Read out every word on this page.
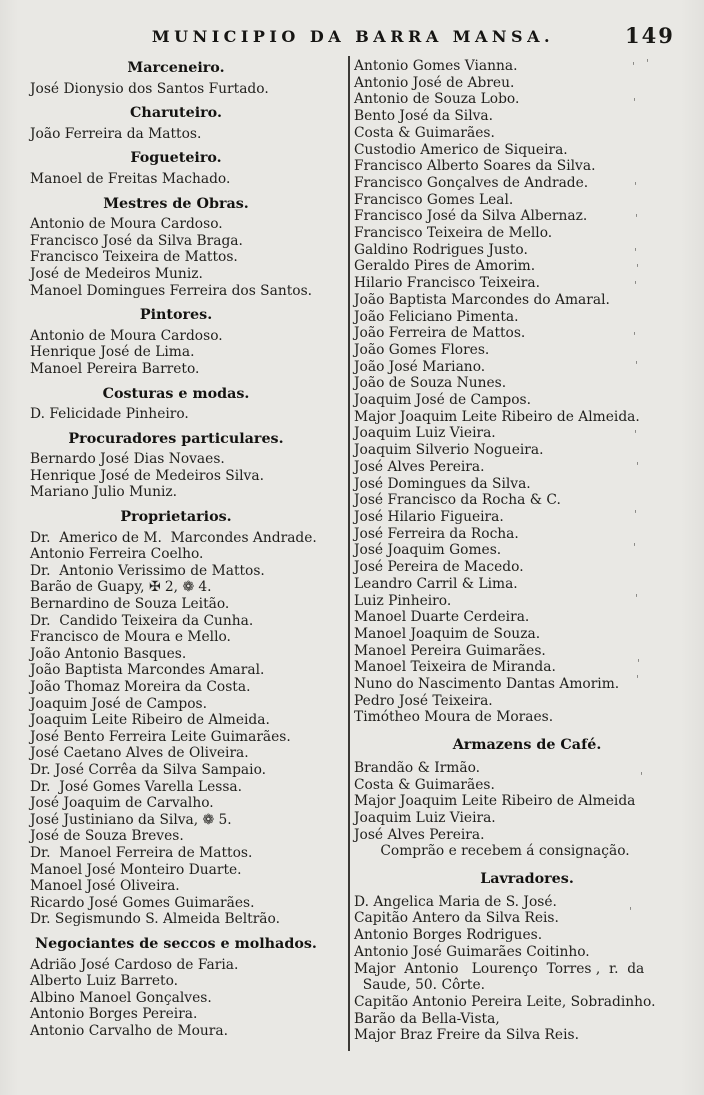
MUNICIPIO DA BARRA MANSA.	149
Marceneiro.
José Dionysio dos Santos Furtado.
Charuteiro.
João Ferreira da Mattos.
Fogueteiro.
Manoel de Freitas Machado.
Mestres de Obras.
Antonio de Moura Cardoso.
Francisco José da Silva Braga.
Francisco Teixeira de Mattos.
José de Medeiros Muniz.
Manoel Domingues Ferreira dos Santos.
Pintores.
Antonio de Moura Cardoso.
Henrique José de Lima.
Manoel Pereira Barreto.
Costuras e modas.
D. Felicidade Pinheiro.
Procuradores particulares.
Bernardo José Dias Novaes.
Henrique José de Medeiros Silva.
Mariano Julio Muniz.
Proprietarios.
Dr.  Americo de M.  Marcondes Andrade.
Antonio Ferreira Coelho.
Dr.  Antonio Verissimo de Mattos.
Barão de Guapy, ✠ 2, ❁ 4.
Bernardino de Souza Leitão.
Dr.  Candido Teixeira da Cunha.
Francisco de Moura e Mello.
João Antonio Basques.
João Baptista Marcondes Amaral.
João Thomaz Moreira da Costa.
Joaquim José de Campos.
Joaquim Leite Ribeiro de Almeida.
José Bento Ferreira Leite Guimarães.
José Caetano Alves de Oliveira.
Dr. José Corrêa da Silva Sampaio.
Dr.  José Gomes Varella Lessa.
José Joaquim de Carvalho.
José Justiniano da Silva, ❁ 5.
José de Souza Breves.
Dr.  Manoel Ferreira de Mattos.
Manoel José Monteiro Duarte.
Manoel José Oliveira.
Ricardo José Gomes Guimarães.
Dr. Segismundo S. Almeida Beltrão.
Negociantes de seccos e molhados.
Adrião José Cardoso de Faria.
Alberto Luiz Barreto.
Albino Manoel Gonçalves.
Antonio Borges Pereira.
Antonio Carvalho de Moura.
Antonio Gomes Vianna.
Antonio José de Abreu.
Antonio de Souza Lobo.
Bento José da Silva.
Costa & Guimarães.
Custodio Americo de Siqueira.
Francisco Alberto Soares da Silva.
Francisco Gonçalves de Andrade.
Francisco Gomes Leal.
Francisco José da Silva Albernaz.
Francisco Teixeira de Mello.
Galdino Rodrigues Justo.
Geraldo Pires de Amorim.
Hilario Francisco Teixeira.
João Baptista Marcondes do Amaral.
João Feliciano Pimenta.
João Ferreira de Mattos.
João Gomes Flores.
João José Mariano.
João de Souza Nunes.
Joaquim José de Campos.
Major Joaquim Leite Ribeiro de Almeida.
Joaquim Luiz Vieira.
Joaquim Silverio Nogueira.
José Alves Pereira.
José Domingues da Silva.
José Francisco da Rocha & C.
José Hilario Figueira.
José Ferreira da Rocha.
José Joaquim Gomes.
José Pereira de Macedo.
Leandro Carril & Lima.
Luiz Pinheiro.
Manoel Duarte Cerdeira.
Manoel Joaquim de Souza.
Manoel Pereira Guimarães.
Manoel Teixeira de Miranda.
Nuno do Nascimento Dantas Amorim.
Pedro José Teixeira.
Timótheo Moura de Moraes.
Armazens de Café.
Brandão & Irmão.
Costa & Guimarães.
Major Joaquim Leite Ribeiro de Almeida
Joaquim Luiz Vieira.
José Alves Pereira.
Comprão e recebem á consignação.
Lavradores.
D. Angelica Maria de S. José.
Capitão Antero da Silva Reis.
Antonio Borges Rodrigues.
Antonio José Guimarães Coitinho.
Major  Antonio   Lourenço  Torres ,  r.  da
Saude, 50. Côrte.
Capitão Antonio Pereira Leite, Sobradinho.
Barão da Bella-Vista,
Major Braz Freire da Silva Reis.
'
'
'
'
'
'
'
'
'
'
'
'
'
'
'
'
'
'
'
